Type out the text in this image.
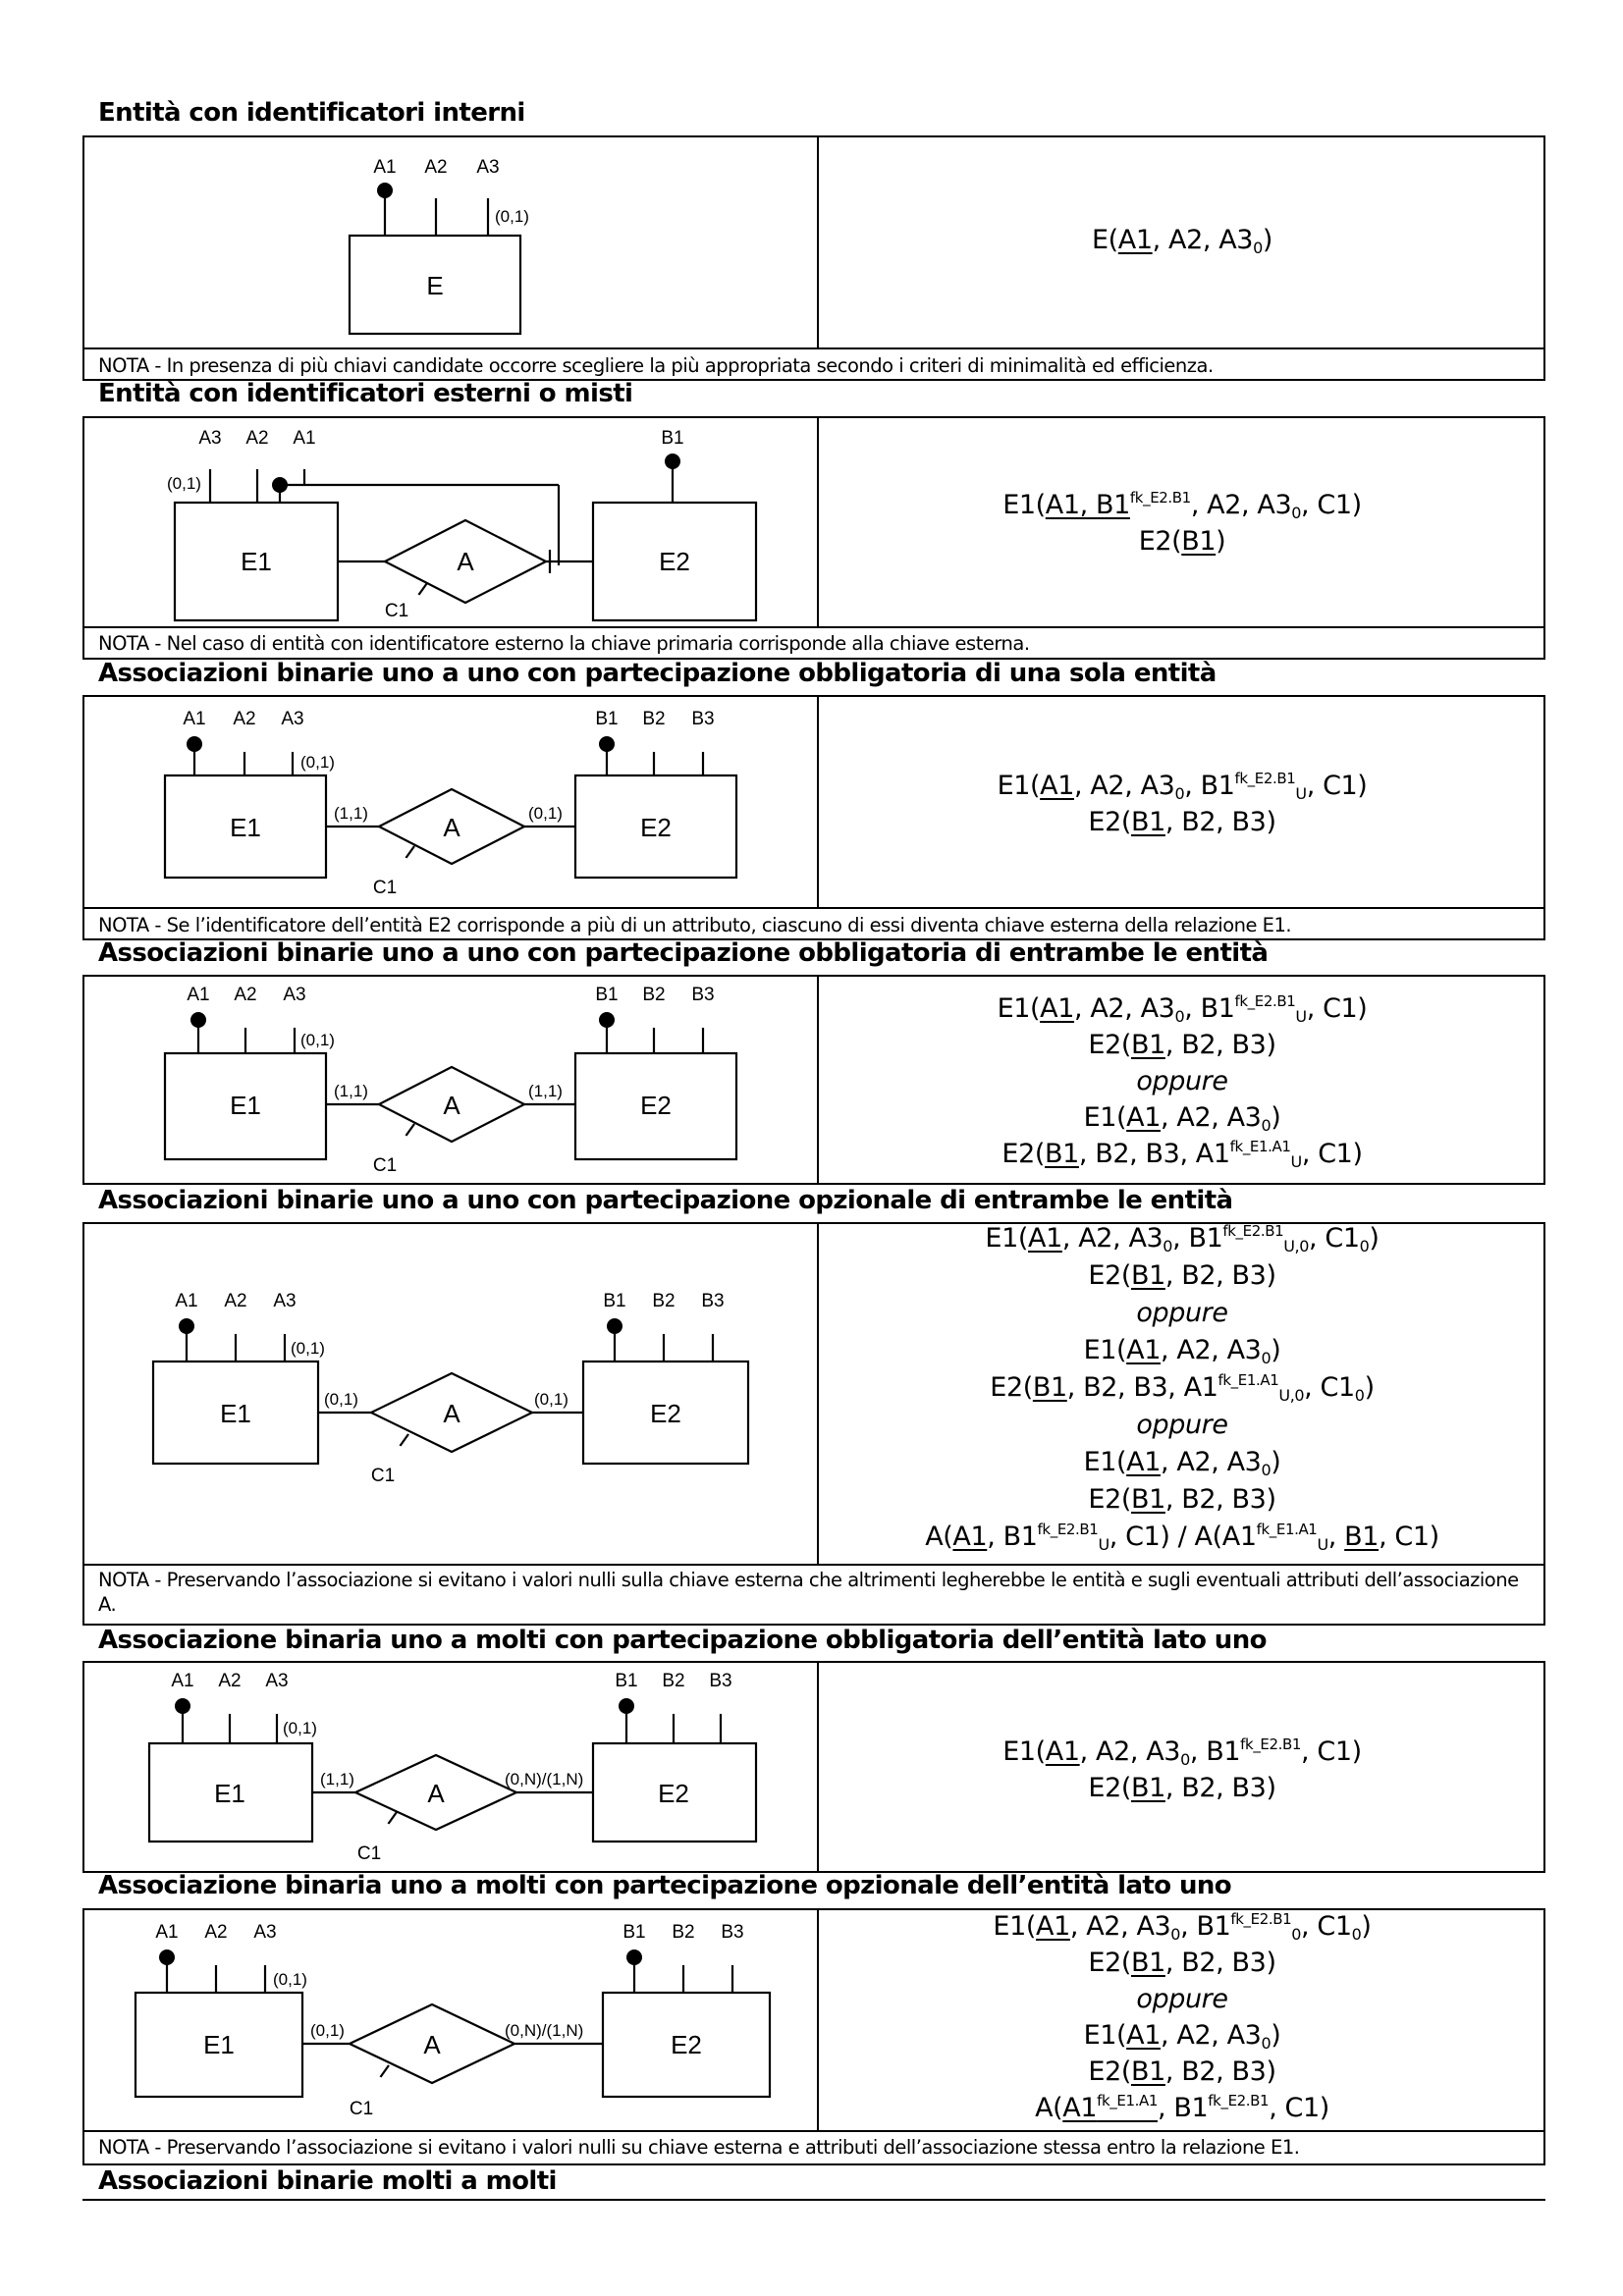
Entità con identificatori interni
A1 A2 A3
(0,1)
E
E(A1, A2, $A3_0$)
NOTA - In presenza di più chiavi candidate occorre scegliere la più appropriata secondo i criteri di minimalità ed efficienza.
Entità con identificatori esterni o misti
A3 A2 A1	B1
(0,1)
E1	A	E2
C1
E1(A1, $B1^{fk\_E2.B1}$, A2, $A3_0$, C1)
E2(B1)
NOTA - Nel caso di entità con identificatore esterno la chiave primaria corrisponde alla chiave esterna.
Associazioni binarie uno a uno con partecipazione obbligatoria di una sola entità
A1 A2 A3	B1 B2 B3
(0,1)
(1,1)	(0,1)
E1	A	E2
C1
E1(A1, A2, $A3_0$, $B1^{fk\_E2.B1}_U$, C1)
E2(B1, B2, B3)
NOTA - Se l’identificatore dell’entità E2 corrisponde a più di un attributo, ciascuno di essi diventa chiave esterna della relazione E1.
Associazioni binarie uno a uno con partecipazione obbligatoria di entrambe le entità
A1 A2 A3	B1 B2 B3
(0,1)
(1,1)	(1,1)
E1	A	E2
C1
E1(A1, A2, $A3_0$, $B1^{fk\_E2.B1}_U$, C1)
E2(B1, B2, B3)
oppure
E1(A1, A2, $A3_0$)
E2(B1, B2, B3, $A1^{fk\_E1.A1}_U$, C1)
Associazioni binarie uno a uno con partecipazione opzionale di entrambe le entità
A1 A2 A3	B1 B2 B3
(0,1)
(0,1)	(0,1)
E1	A	E2
C1
E1(A1, A2, $A3_0$, $B1^{fk\_E2.B1}_{U,0}$, $C1_0$)
E2(B1, B2, B3)
oppure
E1(A1, A2, $A3_0$)
E2(B1, B2, B3, $A1^{fk\_E1.A1}_{U,0}$, $C1_0$)
oppure
E1(A1, A2, $A3_0$)
E2(B1, B2, B3)
A(A1, $B1^{fk\_E2.B1}_U$, $C1) / A(A1^{fk\_E1.A1}_U$, B1, C1)
NOTA - Preservando l’associazione si evitano i valori nulli sulla chiave esterna che altrimenti legherebbe le entità e sugli eventuali attributi dell’associazione A.
Associazione binaria uno a molti con partecipazione obbligatoria dell’entità lato uno
A1 A2 A3	B1 B2 B3
(0,1)
(1,1)	(0,N)/(1,N)
E1	A	E2
C1
E1(A1, A2, $A3_0$, $B1^{fk\_E2.B1}$, C1)
E2(B1, B2, B3)
Associazione binaria uno a molti con partecipazione opzionale dell’entità lato uno
A1 A2 A3	B1 B2 B3
(0,1)
(0,1)	(0,N)/(1,N)
E1	A	E2
C1
E1(A1, A2, $A3_0$, $B1^{fk\_E2.B1}_0$, $C1_0$)
E2(B1, B2, B3)
oppure
E1(A1, A2, $A3_0$)
E2(B1, B2, B3)
$A(A1^{fk\_E1.A1}$, $B1^{fk\_E2.B1}$, C1)
NOTA - Preservando l’associazione si evitano i valori nulli su chiave esterna e attributi dell’associazione stessa entro la relazione E1.
Associazioni binarie molti a molti
